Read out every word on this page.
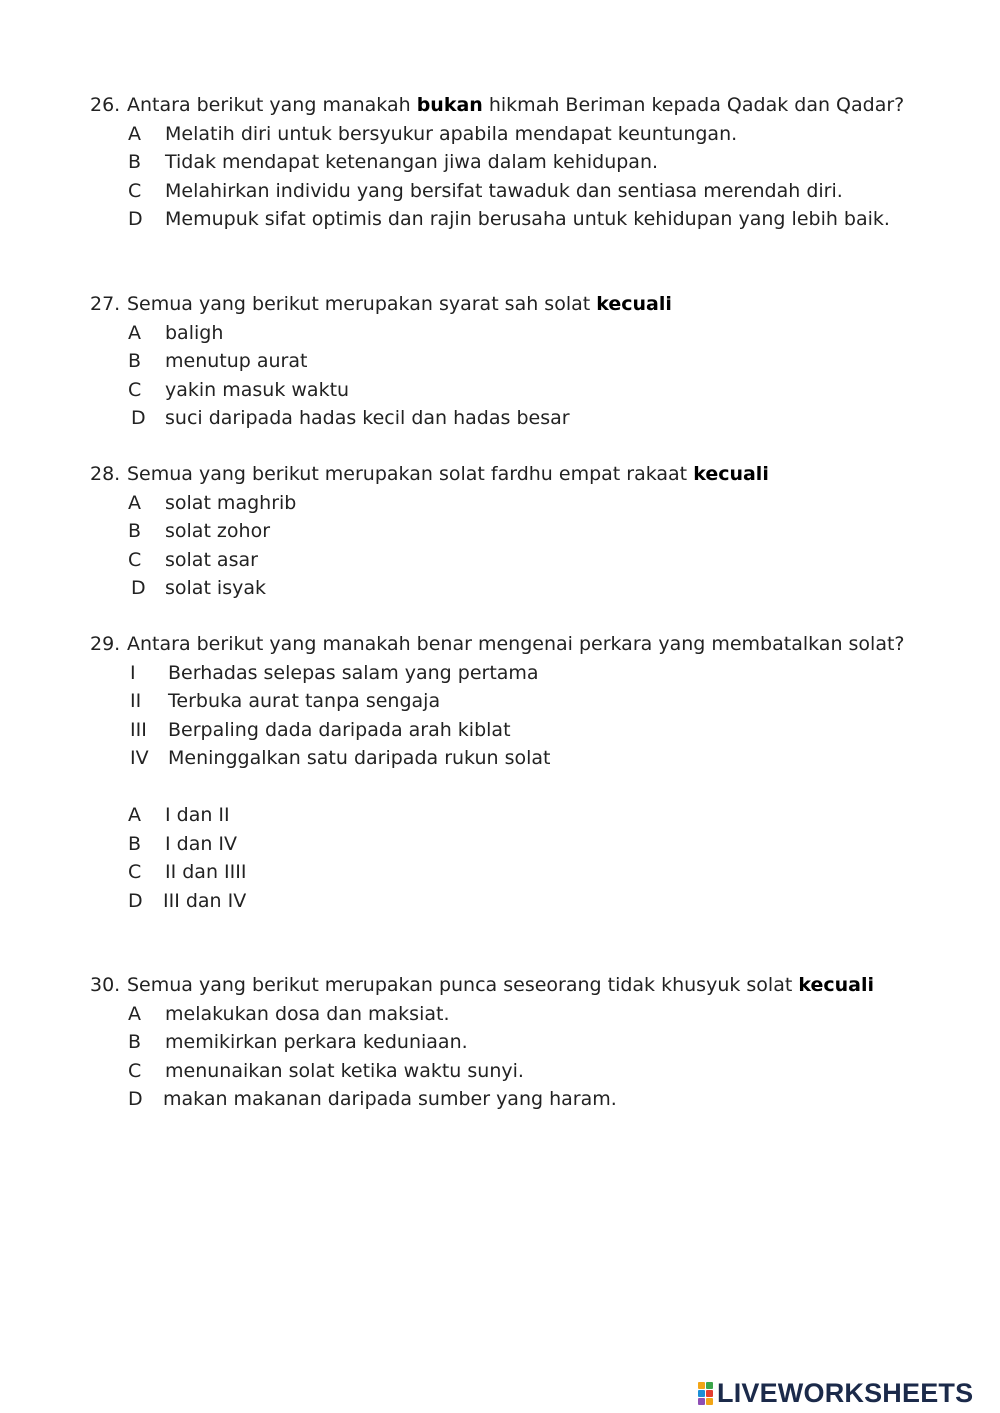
26. Antara berikut yang manakah bukan hikmah Beriman kepada Qadak dan Qadar?
A	Melatih diri untuk bersyukur apabila mendapat keuntungan.
B	Tidak mendapat ketenangan jiwa dalam kehidupan.
C	Melahirkan individu yang bersifat tawaduk dan sentiasa merendah diri.
D	Memupuk sifat optimis dan rajin berusaha untuk kehidupan yang lebih baik.
27. Semua yang berikut merupakan syarat sah solat kecuali
A	baligh
B	menutup aurat
C	yakin masuk waktu
D	suci daripada hadas kecil dan hadas besar
28. Semua yang berikut merupakan solat fardhu empat rakaat kecuali
A	solat maghrib
B	solat zohor
C	solat asar
D	solat isyak
29. Antara berikut yang manakah benar mengenai perkara yang membatalkan solat?
I	Berhadas selepas salam yang pertama
II	Terbuka aurat tanpa sengaja
III	Berpaling dada daripada arah kiblat
IV	Meninggalkan satu daripada rukun solat
A	I dan II
B	I dan IV
C	II dan IIII
D	III dan IV
30. Semua yang berikut merupakan punca seseorang tidak khusyuk solat kecuali
A	melakukan dosa dan maksiat.
B	memikirkan perkara keduniaan.
C	menunaikan solat ketika waktu sunyi.
D	makan makanan daripada sumber yang haram.
LIVEWORKSHEETS
